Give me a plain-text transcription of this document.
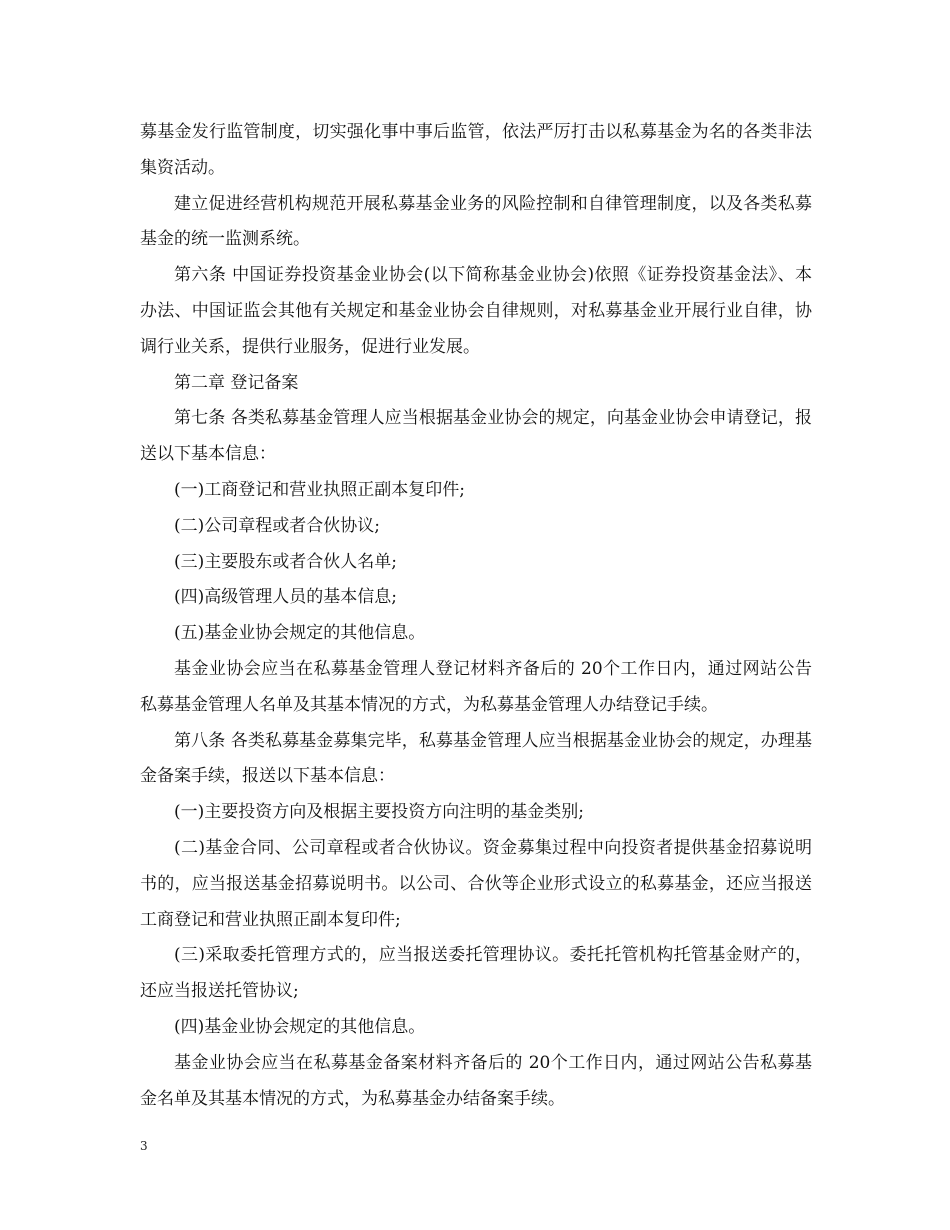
募基金发行监管制度，切实强化事中事后监管，依法严厉打击以私募基金为名的各类非法集资活动。

建立促进经营机构规范开展私募基金业务的风险控制和自律管理制度，以及各类私募基金的统一监测系统。

第六条 中国证券投资基金业协会(以下简称基金业协会)依照《证券投资基金法》、本办法、中国证监会其他有关规定和基金业协会自律规则，对私募基金业开展行业自律，协调行业关系，提供行业服务，促进行业发展。

第二章 登记备案

第七条 各类私募基金管理人应当根据基金业协会的规定，向基金业协会申请登记，报送以下基本信息：

(一)工商登记和营业执照正副本复印件;

(二)公司章程或者合伙协议;

(三)主要股东或者合伙人名单;

(四)高级管理人员的基本信息;

(五)基金业协会规定的其他信息。

基金业协会应当在私募基金管理人登记材料齐备后的 20个工作日内，通过网站公告私募基金管理人名单及其基本情况的方式，为私募基金管理人办结登记手续。

第八条 各类私募基金募集完毕，私募基金管理人应当根据基金业协会的规定，办理基金备案手续，报送以下基本信息：

(一)主要投资方向及根据主要投资方向注明的基金类别;

(二)基金合同、公司章程或者合伙协议。资金募集过程中向投资者提供基金招募说明书的，应当报送基金招募说明书。以公司、合伙等企业形式设立的私募基金，还应当报送工商登记和营业执照正副本复印件;

(三)采取委托管理方式的，应当报送委托管理协议。委托托管机构托管基金财产的，还应当报送托管协议;

(四)基金业协会规定的其他信息。

基金业协会应当在私募基金备案材料齐备后的 20个工作日内，通过网站公告私募基金名单及其基本情况的方式，为私募基金办结备案手续。

3
